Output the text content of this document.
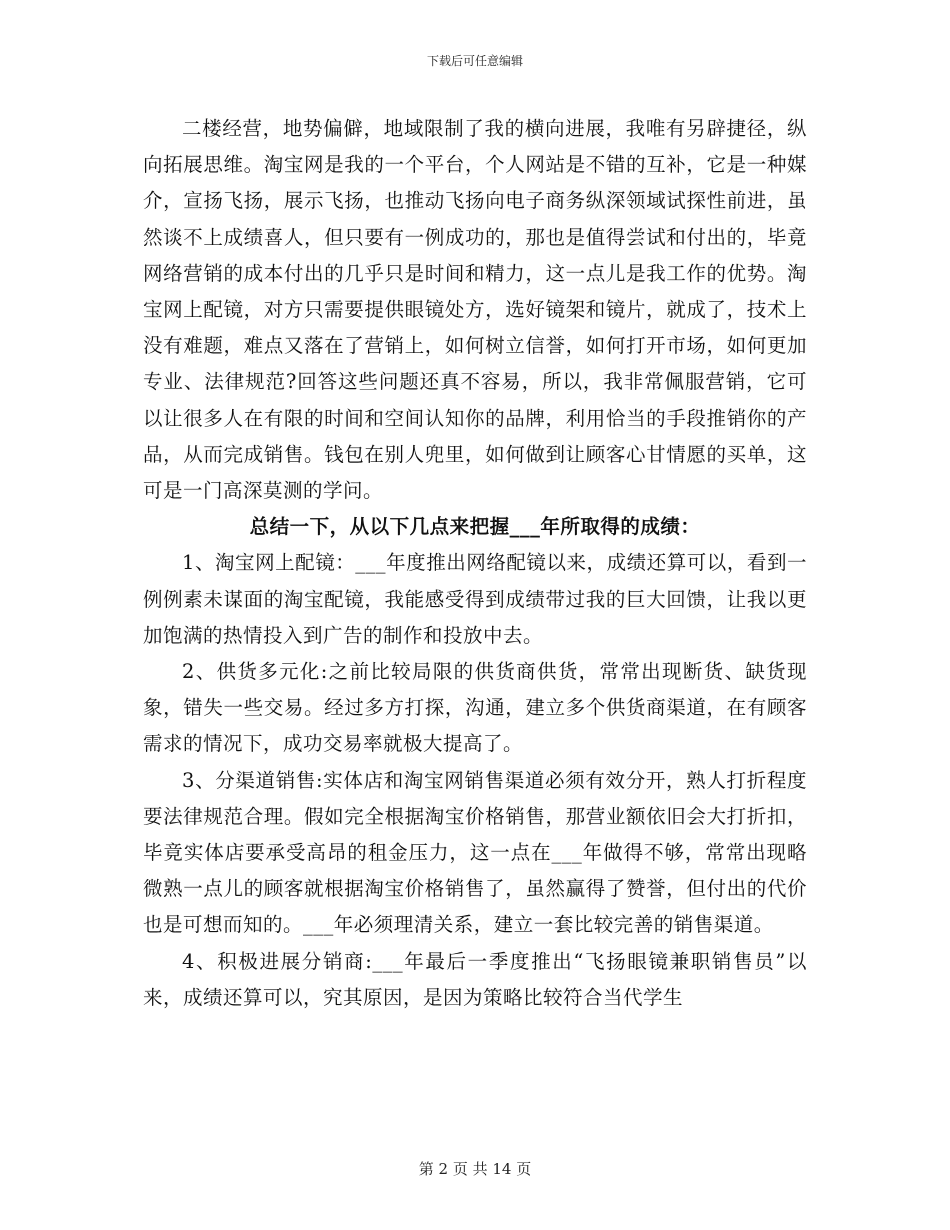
下载后可任意编辑

二楼经营，地势偏僻，地域限制了我的横向进展，我唯有另辟捷径，纵向拓展思维。淘宝网是我的一个平台，个人网站是不错的互补，它是一种媒介，宣扬飞扬，展示飞扬，也推动飞扬向电子商务纵深领域试探性前进，虽然谈不上成绩喜人，但只要有一例成功的，那也是值得尝试和付出的，毕竟网络营销的成本付出的几乎只是时间和精力，这一点儿是我工作的优势。淘宝网上配镜，对方只需要提供眼镜处方，选好镜架和镜片，就成了，技术上没有难题，难点又落在了营销上，如何树立信誉，如何打开市场，如何更加专业、法律规范?回答这些问题还真不容易，所以，我非常佩服营销，它可以让很多人在有限的时间和空间认知你的品牌，利用恰当的手段推销你的产品，从而完成销售。钱包在别人兜里，如何做到让顾客心甘情愿的买单，这可是一门高深莫测的学问。

总结一下，从以下几点来把握___年所取得的成绩：

1、淘宝网上配镜：___年度推出网络配镜以来，成绩还算可以，看到一例例素未谋面的淘宝配镜，我能感受得到成绩带过我的巨大回馈，让我以更加饱满的热情投入到广告的制作和投放中去。

2、供货多元化:之前比较局限的供货商供货，常常出现断货、缺货现象，错失一些交易。经过多方打探，沟通，建立多个供货商渠道，在有顾客需求的情况下，成功交易率就极大提高了。

3、分渠道销售:实体店和淘宝网销售渠道必须有效分开，熟人打折程度要法律规范合理。假如完全根据淘宝价格销售，那营业额依旧会大打折扣，毕竟实体店要承受高昂的租金压力，这一点在___年做得不够，常常出现略微熟一点儿的顾客就根据淘宝价格销售了，虽然赢得了赞誉，但付出的代价也是可想而知的。___年必须理清关系，建立一套比较完善的销售渠道。

4、积极进展分销商:___年最后一季度推出“飞扬眼镜兼职销售员”以来，成绩还算可以，究其原因，是因为策略比较符合当代学生

第 2 页 共 14 页
